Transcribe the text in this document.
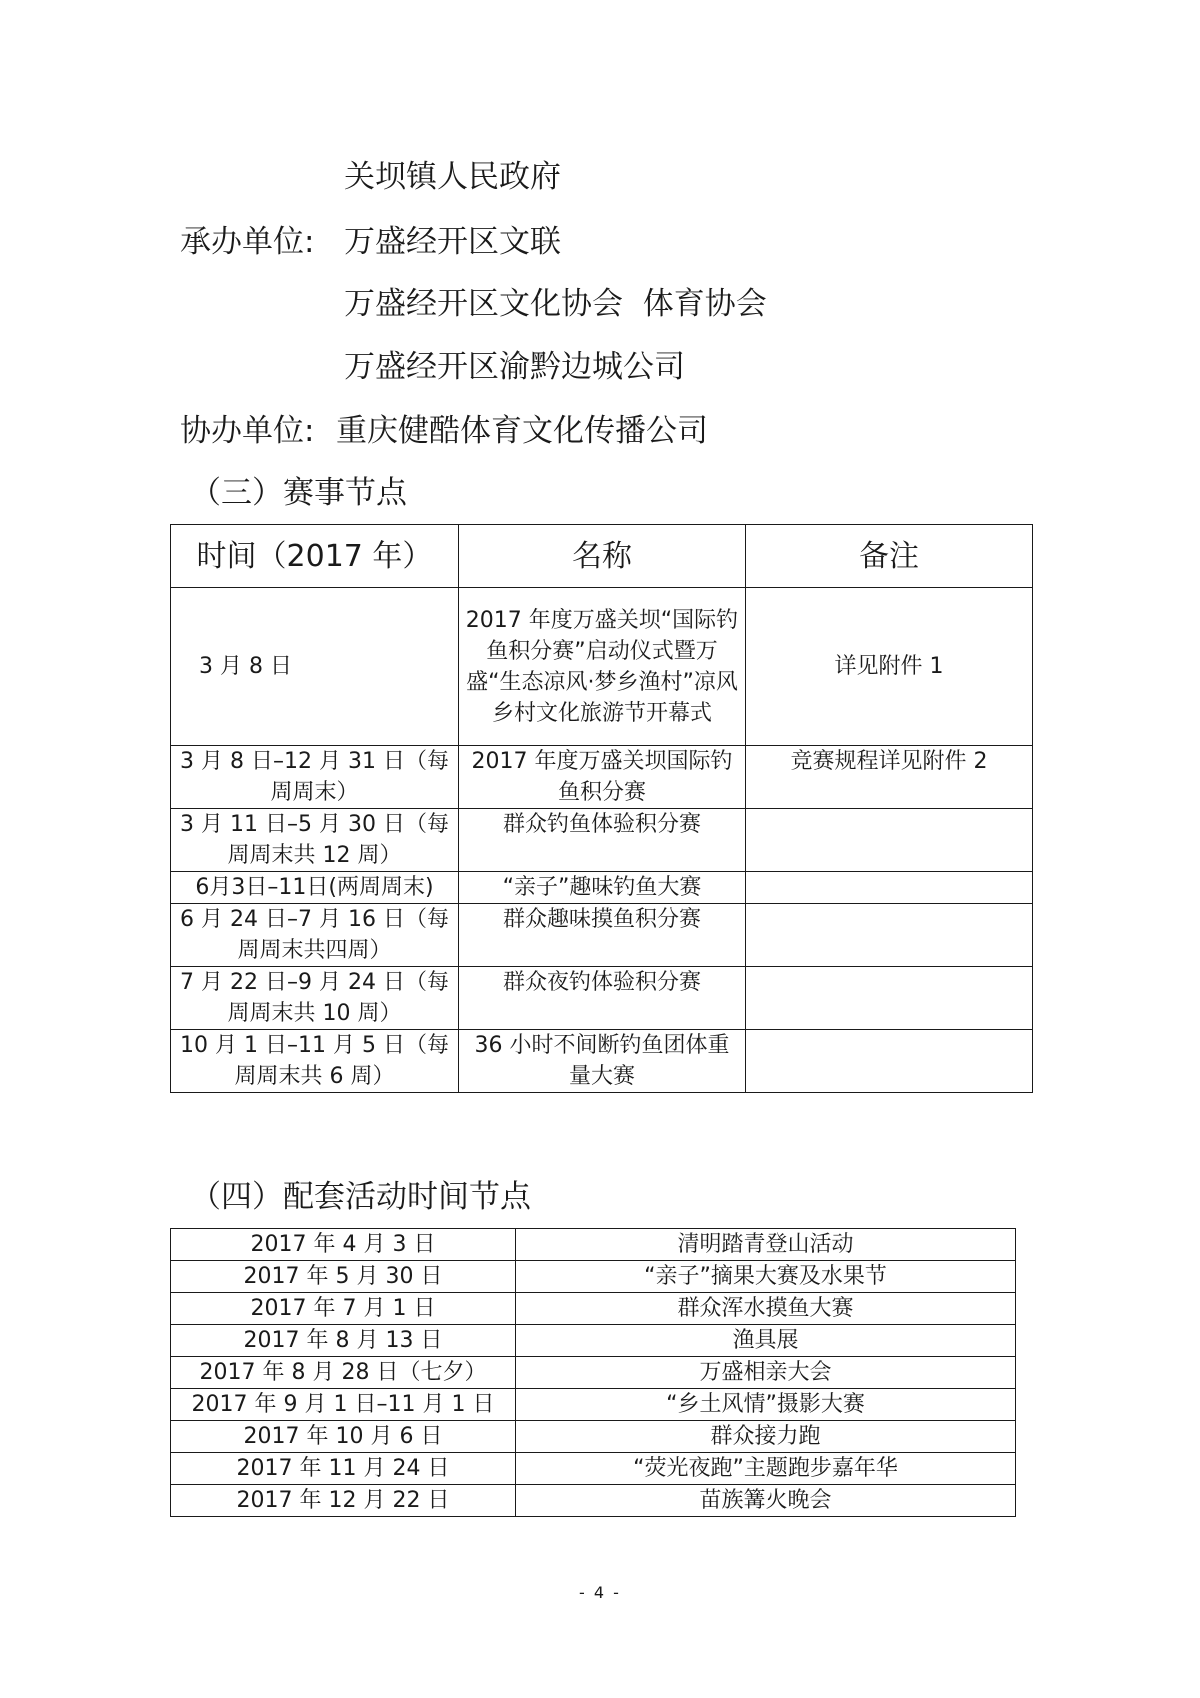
关坝镇人民政府
承办单位: 万盛经开区文联
万盛经开区文化协会  体育协会
万盛经开区渝黔边城公司
协办单位: 重庆健酷体育文化传播公司
（三）赛事节点
时间（2017 年）	名称	备注
3 月 8 日	2017 年度万盛关坝“国际钓鱼积分赛”启动仪式暨万盛“生态凉风·梦乡渔村”凉风乡村文化旅游节开幕式	详见附件 1
3 月 8 日–12 月 31 日（每周周末）	2017 年度万盛关坝国际钓鱼积分赛	竞赛规程详见附件 2
3 月 11 日–5 月 30 日（每周周末共 12 周）	群众钓鱼体验积分赛	
6月3日–11日(两周周末)	“亲子”趣味钓鱼大赛	
6 月 24 日–7 月 16 日（每周周末共四周）	群众趣味摸鱼积分赛	
7 月 22 日–9 月 24 日（每周周末共 10 周）	群众夜钓体验积分赛	
10 月 1 日–11 月 5 日（每周周末共 6 周）	36 小时不间断钓鱼团体重量大赛	
（四）配套活动时间节点
2017 年 4 月 3 日	清明踏青登山活动
2017 年 5 月 30 日	“亲子”摘果大赛及水果节
2017 年 7 月 1 日	群众浑水摸鱼大赛
2017 年 8 月 13 日	渔具展
2017 年 8 月 28 日（七夕）	万盛相亲大会
2017 年 9 月 1 日–11 月 1 日	“乡土风情”摄影大赛
2017 年 10 月 6 日	群众接力跑
2017 年 11 月 24 日	“荧光夜跑”主题跑步嘉年华
2017 年 12 月 22 日	苗族篝火晚会
- 4 -
